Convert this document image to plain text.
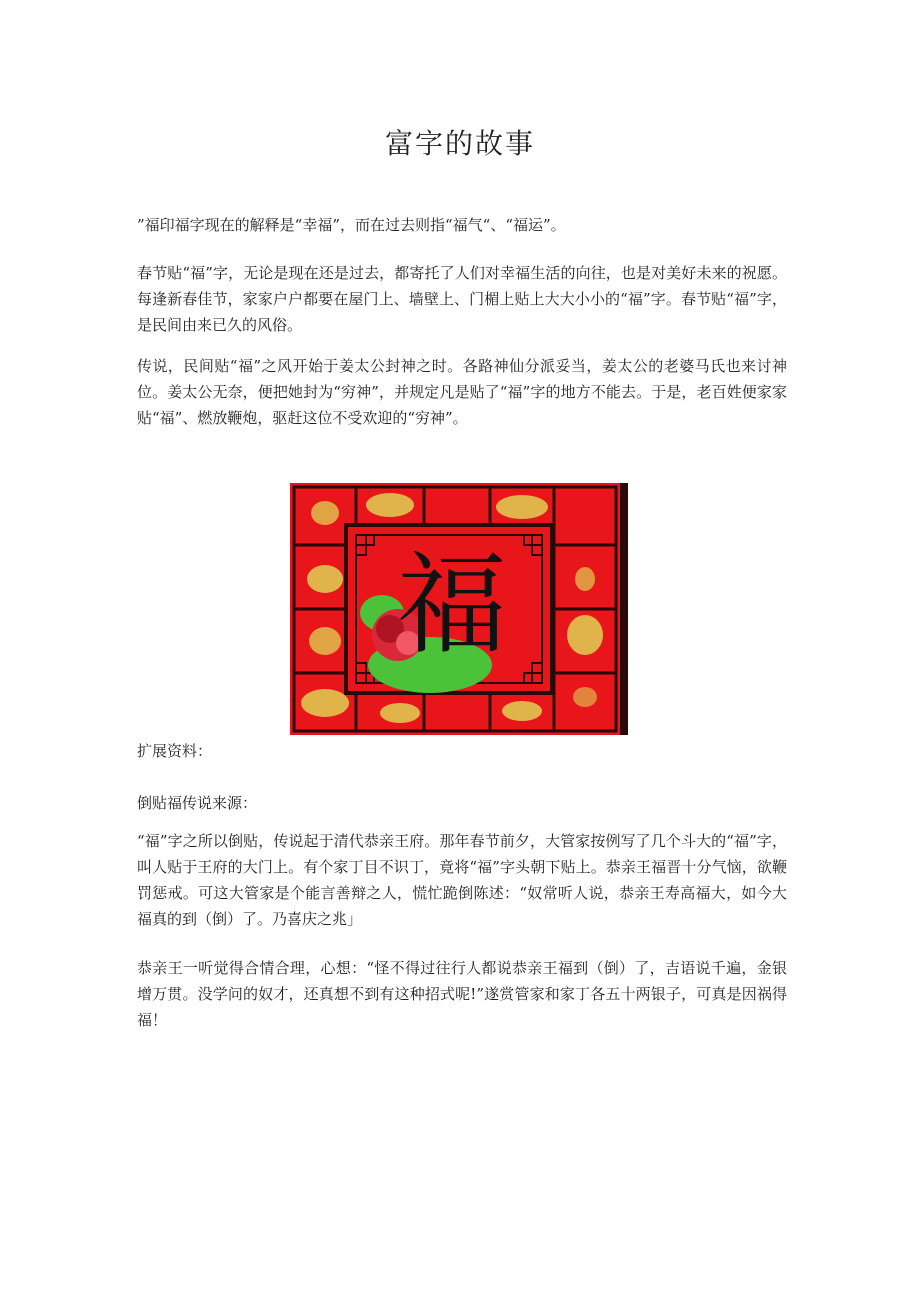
富字的故事

”福印福字现在的解释是“幸福”，而在过去则指“福气“、“福运”。

春节贴“福”字，无论是现在还是过去，都寄托了人们对幸福生活的向往，也是对美好未来的祝愿。每逢新春佳节，家家户户都要在屋门上、墙壁上、门楣上贴上大大小小的“福”字。春节贴“福”字，是民间由来已久的风俗。

传说，民间贴“福”之风开始于姜太公封神之时。各路神仙分派妥当，姜太公的老婆马氏也来讨神位。姜太公无奈，便把她封为“穷神”，并规定凡是贴了“福”字的地方不能去。于是，老百姓便家家贴“福”、燃放鞭炮，驱赶这位不受欢迎的“穷神”。

福

扩展资料：

倒贴福传说来源：

“福”字之所以倒贴，传说起于清代恭亲王府。那年春节前夕，大管家按例写了几个斗大的“福”字，叫人贴于王府的大门上。有个家丁目不识丁，竟将“福”字头朝下贴上。恭亲王福晋十分气恼，欲鞭罚惩戒。可这大管家是个能言善辩之人，慌忙跪倒陈述：“奴常听人说，恭亲王寿高福大，如今大福真的到（倒）了。乃喜庆之兆」

恭亲王一听觉得合情合理，心想：“怪不得过往行人都说恭亲王福到（倒）了，吉语说千遍，金银增万贯。没学问的奴才，还真想不到有这种招式呢!”遂赏管家和家丁各五十两银子，可真是因祸得福！
